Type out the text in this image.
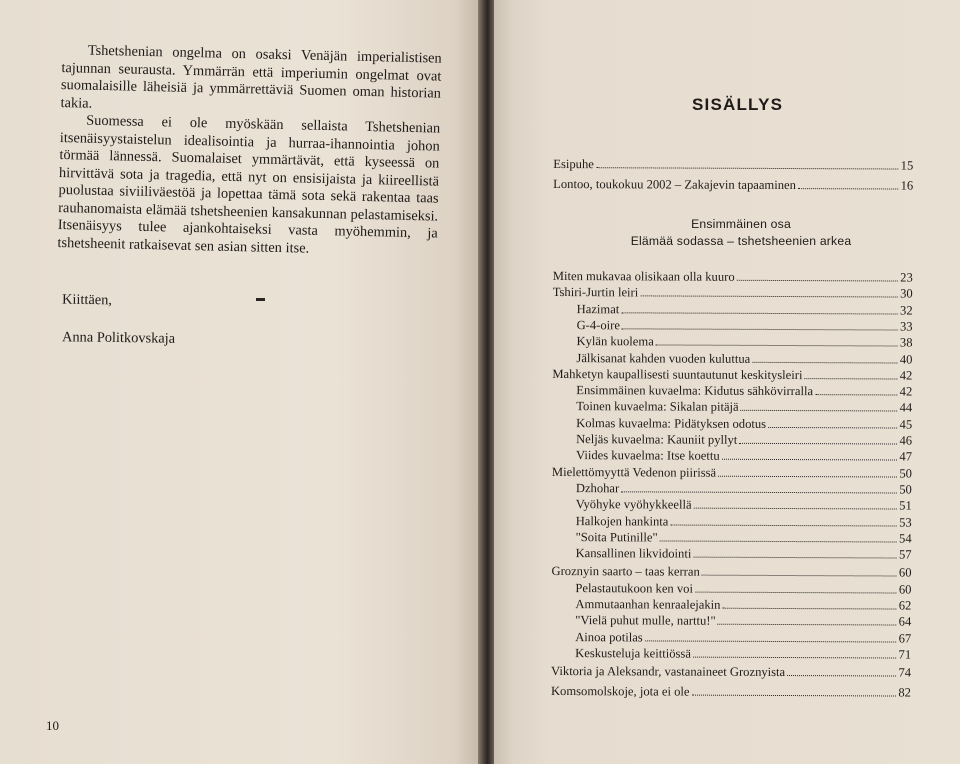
Tshetshenian ongelma on osaksi Venäjän imperialistisen tajunnan seurausta. Ymmärrän että imperiumin ongelmat ovat suomalaisille läheisiä ja ymmärrettäviä Suomen oman historian takia.

Suomessa ei ole myöskään sellaista Tshetshenian itsenäisyystaistelun idealisointia ja hurraa-ihannointia johon törmää lännessä. Suomalaiset ymmärtävät, että kyseessä on hirvittävä sota ja tragedia, että nyt on ensisijaista ja kiireellistä puolustaa siviiliväestöä ja lopettaa tämä sota sekä rakentaa taas rauhanomaista elämää tshetsheenien kansakunnan pelastamiseksi. Itsenäisyys tulee ajankohtaiseksi vasta myöhemmin, ja tshetsheenit ratkaisevat sen asian sitten itse.

Kiittäen,
Anna Politkovskaja
10
SISÄLLYS
Ensimmäinen osa
Elämää sodassa – tshetsheenien arkea
Esipuhe	15
Lontoo, toukokuu 2002 – Zakajevin tapaaminen	16
Miten mukavaa olisikaan olla kuuro	23
Tshiri-Jurtin leiri	30
Hazimat	32
G-4-oire	33
Kylän kuolema	38
Jälkisanat kahden vuoden kuluttua	40
Mahketyn kaupallisesti suuntautunut keskitysleiri	42
Ensimmäinen kuvaelma: Kidutus sähkövirralla	42
Toinen kuvaelma: Sikalan pitäjä	44
Kolmas kuvaelma: Pidätyksen odotus	45
Neljäs kuvaelma: Kauniit pyllyt	46
Viides kuvaelma: Itse koettu	47
Mielettömyyttä Vedenon piirissä	50
Dzhohar	50
Vyöhyke vyöhykkeellä	51
Halkojen hankinta	53
"Soita Putinille"	54
Kansallinen likvidointi	57
Groznyin saarto – taas kerran	60
Pelastautukoon ken voi	60
Ammutaanhan kenraalejakin	62
"Vielä puhut mulle, narttu!"	64
Ainoa potilas	67
Keskusteluja keittiössä	71
Viktoria ja Aleksandr, vastanaineet Groznyista	74
Komsomolskoje, jota ei ole	82
